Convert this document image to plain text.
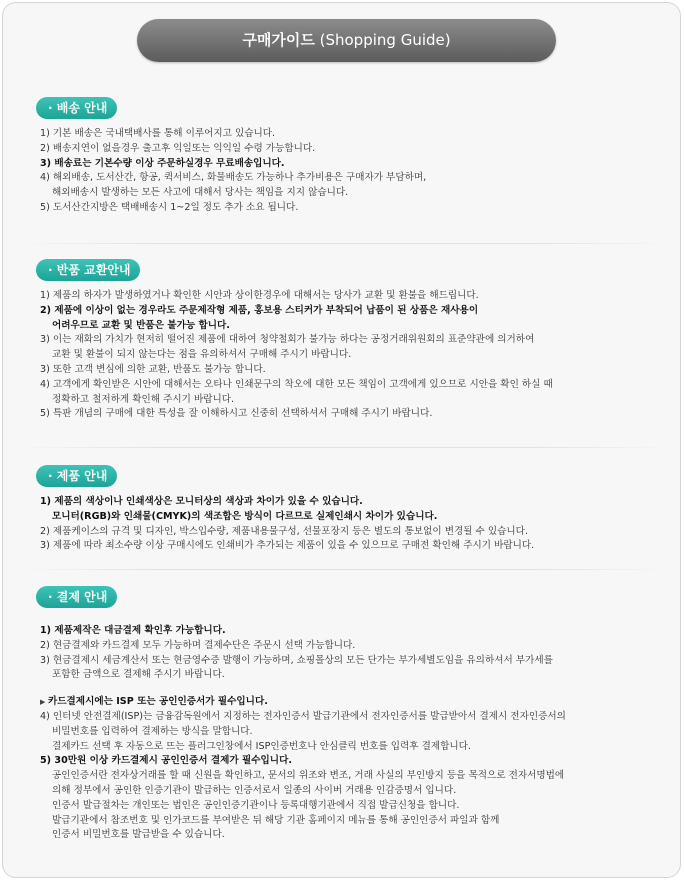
구매가이드 (Shopping Guide)
· 배송 안내
1) 기본 배송은 국내택배사를 통해 이루어지고 있습니다.
2) 배송지연이 없을경우 출고후 익일또는 익익일 수령 가능합니다.
3) 배송료는 기본수량 이상 주문하실경우 무료배송입니다.
4) 해외배송, 도서산간, 항공, 퀵서비스, 화물배송도 가능하나 추가비용은 구매자가 부담하며,
해외배송시 발생하는 모든 사고에 대해서 당사는 책임을 지지 않습니다.
5) 도서산간지방은 택배배송시 1~2일 정도 추가 소요 됩니다.
· 반품 교환안내
1) 제품의 하자가 발생하였거나 확인한 시안과 상이한경우에 대해서는 당사가 교환 및 환불을 해드립니다.
2) 제품에 이상이 없는 경우라도 주문제작형 제품, 홍보용 스티커가 부착되어 납품이 된 상품은 재사용이
어려우므로 교환 및 반품은 불가능 합니다.
3) 이는 재화의 가치가 현저히 떨어진 제품에 대하여 청약철회가 불가능 하다는 공정거래위원회의 표준약관에 의거하여
교환 및 환불이 되지 않는다는 점을 유의하셔서 구매해 주시기 바랍니다.
3) 또한 고객 변심에 의한 교환, 반품도 불가능 합니다.
4) 고객에게 확인받은 시안에 대해서는 오타나 인쇄문구의 착오에 대한 모든 책임이 고객에게 있으므로 시안을 확인 하실 때
정확하고 철저하게 확인해 주시기 바랍니다.
5) 특판 개념의 구매에 대한 특성을 잘 이해하시고 신중히 선택하셔서 구매해 주시기 바랍니다.
· 제품 안내
1) 제품의 색상이나 인쇄색상은 모니터상의 색상과 차이가 있을 수 있습니다.
모니터(RGB)와 인쇄물(CMYK)의 색조합은 방식이 다르므로 실제인쇄시 차이가 있습니다.
2) 제품케이스의 규격 및 디자인, 박스입수량, 제품내용물구성, 선물포장지 등은 별도의 통보없이 변경될 수 있습니다.
3) 제품에 따라 최소수량 이상 구매시에도 인쇄비가 추가되는 제품이 있을 수 있으므로 구매전 확인해 주시기 바랍니다.
· 결제 안내
1) 제품제작은 대금결제 확인후 가능합니다.
2) 현금결제와 카드결제 모두 가능하며 결제수단은 주문시 선택 가능합니다.
3) 현금결제시 세금계산서 또는 현금영수증 발행이 가능하며, 쇼핑몰상의 모든 단가는 부가세별도임을 유의하셔서 부가세를
포함한 금액으로 결제해 주시기 바랍니다.
▶ 카드결제시에는 ISP 또는 공인인증서가 필수입니다.
4) 인터넷 안전결제(ISP)는 금융감독원에서 지정하는 전자인증서 발급기관에서 전자인증서를 발급받아서 결제시 전자인증서의
비밀번호를 입력하여 결제하는 방식을 말합니다.
결제카드 선택 후 자동으로 뜨는 플러그인창에서 ISP인증번호나 안심클릭 번호를 입력후 결제합니다.
5) 30만원 이상 카드결제시 공인인증서 결제가 필수입니다.
공인인증서란 전자상거래를 할 때 신원을 확인하고, 문서의 위조와 변조, 거래 사실의 부인방지 등을 목적으로 전자서명법에
의해 정부에서 공인한 인증기관이 발급하는 인증서로서 일종의 사이버 거래용 인감증명서 입니다.
인증서 발급절차는 개인또는 법인은 공인인증기관이나 등록대행기관에서 직접 발급신청을 합니다.
발급기관에서 참조번호 및 인가코드를 부여받은 뒤 해당 기관 홈페이지 메뉴를 통해 공인인증서 파일과 함께
인증서 비밀번호를 발급받을 수 있습니다.
